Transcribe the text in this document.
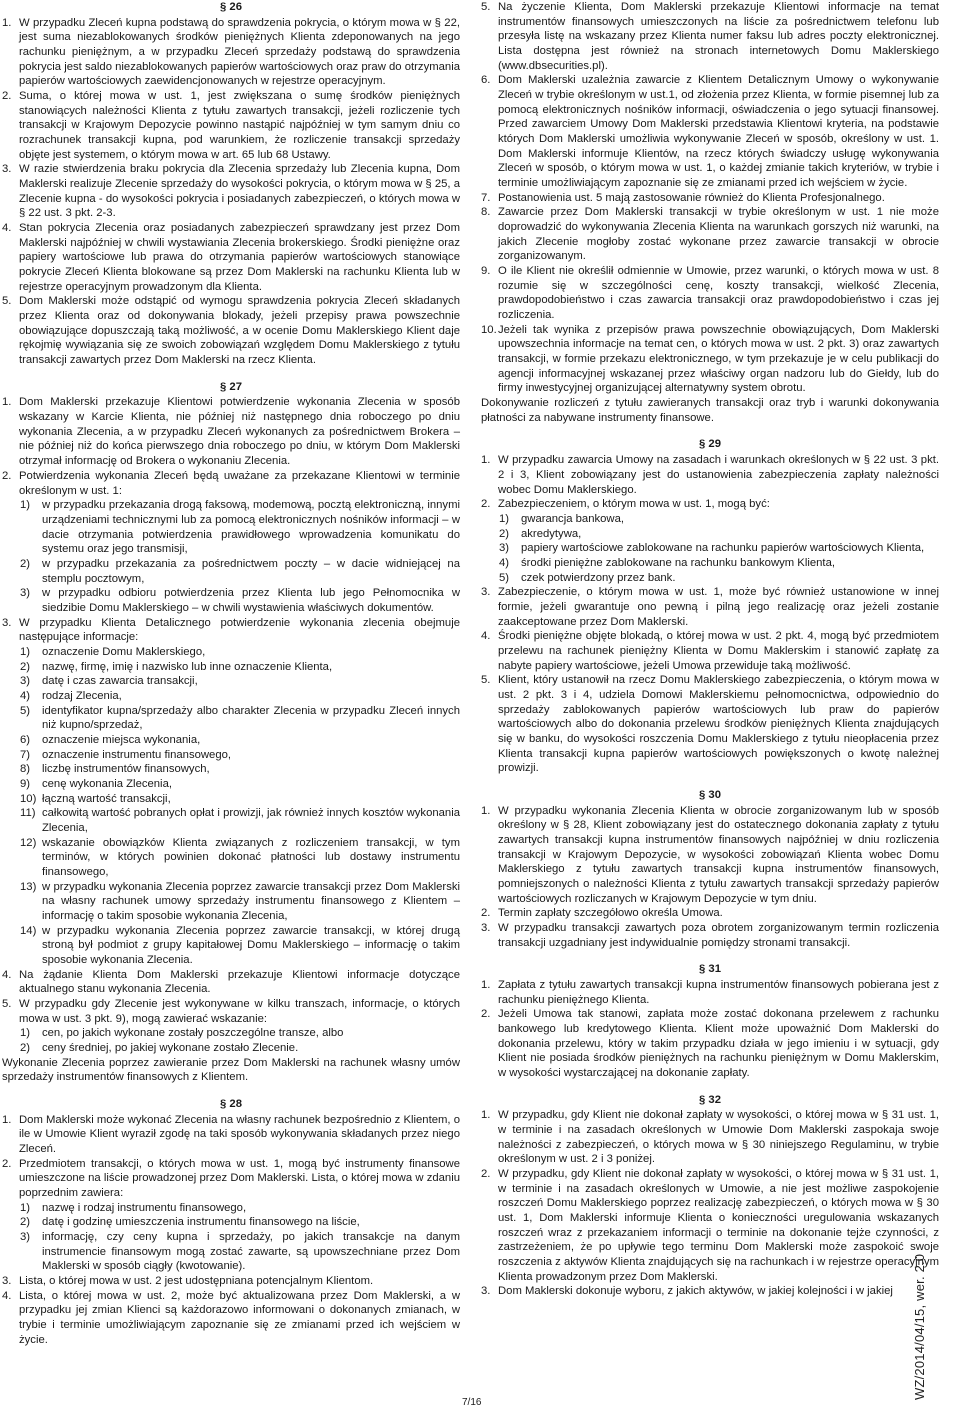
§ 26
1. W przypadku Zleceń kupna podstawą do sprawdzenia pokrycia, o którym mowa w § 22, jest suma niezablokowanych środków pieniężnych Klienta zdeponowanych na jego rachunku pieniężnym, a w przypadku Zleceń sprzedaży podstawą do sprawdzenia pokrycia jest saldo niezablokowanych papierów wartościowych oraz praw do otrzymania papierów wartościowych zaewidencjonowanych w rejestrze operacyjnym.
2. Suma, o której mowa w ust. 1, jest zwiększana o sumę środków pieniężnych stanowiących należności Klienta z tytułu zawartych transakcji, jeżeli rozliczenie tych transakcji w Krajowym Depozycie powinno nastąpić najpóźniej w tym samym dniu co rozrachunek transakcji kupna, pod warunkiem, że rozliczenie transakcji sprzedaży objęte jest systemem, o którym mowa w art. 65 lub 68 Ustawy.
3. W razie stwierdzenia braku pokrycia dla Zlecenia sprzedaży lub Zlecenia kupna, Dom Maklerski realizuje Zlecenie sprzedaży do wysokości pokrycia, o którym mowa w § 25, a Zlecenie kupna - do wysokości pokrycia i posiadanych zabezpieczeń, o których mowa w § 22 ust. 3 pkt. 2-3.
4. Stan pokrycia Zlecenia oraz posiadanych zabezpieczeń sprawdzany jest przez Dom Maklerski najpóźniej w chwili wystawiania Zlecenia brokerskiego. Środki pieniężne oraz papiery wartościowe lub prawa do otrzymania papierów wartościowych stanowiące pokrycie Zleceń Klienta blokowane są przez Dom Maklerski na rachunku Klienta lub w rejestrze operacyjnym prowadzonym dla Klienta.
5. Dom Maklerski może odstąpić od wymogu sprawdzenia pokrycia Zleceń składanych przez Klienta oraz od dokonywania blokady, jeżeli przepisy prawa powszechnie obowiązujące dopuszczają taką możliwość, a w ocenie Domu Maklerskiego Klient daje rękojmię wywiązania się ze swoich zobowiązań względem Domu Maklerskiego z tytułu transakcji zawartych przez Dom Maklerski na rzecz Klienta.
§ 27
1. Dom Maklerski przekazuje Klientowi potwierdzenie wykonania Zlecenia w sposób wskazany w Karcie Klienta, nie później niż następnego dnia roboczego po dniu wykonania Zlecenia, a w przypadku Zleceń wykonanych za pośrednictwem Brokera – nie później niż do końca pierwszego dnia roboczego po dniu, w którym Dom Maklerski otrzymał informację od Brokera o wykonaniu Zlecenia.
2. Potwierdzenia wykonania Zleceń będą uważane za przekazane Klientowi w terminie określonym w ust. 1:
1)	w przypadku przekazania drogą faksową, modemową, pocztą elektroniczną, innymi urządzeniami technicznymi lub za pomocą elektronicznych nośników informacji – w dacie otrzymania potwierdzenia prawidłowego wprowadzenia komunikatu do systemu oraz jego transmisji,
2)	w przypadku przekazania za pośrednictwem poczty – w dacie widniejącej na stemplu pocztowym,
3)	w przypadku odbioru potwierdzenia przez Klienta lub jego Pełnomocnika w siedzibie Domu Maklerskiego – w chwili wystawienia właściwych dokumentów.
3. W przypadku Klienta Detalicznego potwierdzenie wykonania zlecenia obejmuje następujące informacje:
1)	oznaczenie Domu Maklerskiego,
2)	nazwę, firmę, imię i nazwisko lub inne oznaczenie Klienta,
3)	datę i czas zawarcia transakcji,
4)	rodzaj Zlecenia,
5)	identyfikator kupna/sprzedaży albo charakter Zlecenia w przypadku Zleceń innych niż kupno/sprzedaż,
6)	oznaczenie miejsca wykonania,
7)	oznaczenie instrumentu finansowego,
8)	liczbę instrumentów finansowych,
9)	cenę wykonania Zlecenia,
10) łączną wartość transakcji,
11) całkowitą wartość pobranych opłat i prowizji, jak również innych kosztów wykonania Zlecenia,
12) wskazanie obowiązków Klienta związanych z rozliczeniem transakcji, w tym terminów, w których powinien dokonać płatności lub dostawy instrumentu finansowego,
13) w przypadku wykonania Zlecenia poprzez zawarcie transakcji przez Dom Maklerski na własny rachunek umowy sprzedaży instrumentu finansowego z Klientem – informację o takim sposobie wykonania Zlecenia,
14) w przypadku wykonania Zlecenia poprzez zawarcie transakcji, w której drugą stroną był podmiot z grupy kapitałowej Domu Maklerskiego – informację o takim sposobie wykonania Zlecenia.
4. Na żądanie Klienta Dom Maklerski przekazuje Klientowi informacje dotyczące aktualnego stanu wykonania Zlecenia.
5. W przypadku gdy Zlecenie jest wykonywane w kilku transzach, informacje, o których mowa w ust. 3 pkt. 9), mogą zawierać wskazanie:
1)	cen, po jakich wykonane zostały poszczególne transze, albo
2)	ceny średniej, po jakiej wykonane zostało Zlecenie.
Wykonanie Zlecenia poprzez zawieranie przez Dom Maklerski na rachunek własny umów sprzedaży instrumentów finansowych z Klientem.
§ 28
1. Dom Maklerski może wykonać Zlecenia na własny rachunek bezpośrednio z Klientem, o ile w Umowie Klient wyraził zgodę na taki sposób wykonywania składanych przez niego Zleceń.
2. Przedmiotem transakcji, o których mowa w ust. 1, mogą być instrumenty finansowe umieszczone na liście prowadzonej przez Dom Maklerski. Lista, o której mowa w zdaniu poprzednim zawiera:
1)	nazwę i rodzaj instrumentu finansowego,
2)	datę i godzinę umieszczenia instrumentu finansowego na liście,
3)	informację, czy ceny kupna i sprzedaży, po jakich transakcje na danym instrumencie finansowym mogą zostać zawarte, są upowszechniane przez Dom Maklerski w sposób ciągły (kwotowanie).
3. Lista, o której mowa w ust. 2 jest udostępniana potencjalnym Klientom.
4. Lista, o której mowa w ust. 2, może być aktualizowana przez Dom Maklerski, a w przypadku jej zmian Klienci są każdorazowo informowani o dokonanych zmianach, w trybie i terminie umożliwiającym zapoznanie się ze zmianami przed ich wejściem w życie.
5. Na życzenie Klienta, Dom Maklerski przekazuje Klientowi informacje na temat instrumentów finansowych umieszczonych na liście za pośrednictwem telefonu lub przesyła listę na wskazany przez Klienta numer faksu lub adres poczty elektronicznej. Lista dostępna jest również na stronach internetowych Domu Maklerskiego (www.dbsecurities.pl).
6. Dom Maklerski uzależnia zawarcie z Klientem Detalicznym Umowy o wykonywanie Zleceń w trybie określonym w ust.1, od złożenia przez Klienta, w formie pisemnej lub za pomocą elektronicznych nośników informacji, oświadczenia o jego sytuacji finansowej. Przed zawarciem Umowy Dom Maklerski przedstawia Klientowi kryteria, na podstawie których Dom Maklerski umożliwia wykonywanie Zleceń w sposób, określony w ust. 1. Dom Maklerski informuje Klientów, na rzecz których świadczy usługę wykonywania Zleceń w sposób, o którym mowa w ust. 1, o każdej zmianie takich kryteriów, w trybie i terminie umożliwiającym zapoznanie się ze zmianami przed ich wejściem w życie.
7. Postanowienia ust. 5 mają zastosowanie również do Klienta Profesjonalnego.
8. Zawarcie przez Dom Maklerski transakcji w trybie określonym w ust. 1 nie może doprowadzić do wykonywania Zlecenia Klienta na warunkach gorszych niż warunki, na jakich Zlecenie mogłoby zostać wykonane przez zawarcie transakcji w obrocie zorganizowanym.
9. O ile Klient nie określił odmiennie w Umowie, przez warunki, o których mowa w ust. 8 rozumie się w szczególności cenę, koszty transakcji, wielkość Zlecenia, prawdopodobieństwo i czas zawarcia transakcji oraz prawdopodobieństwo i czas jej rozliczenia.
10. Jeżeli tak wynika z przepisów prawa powszechnie obowiązujących, Dom Maklerski upowszechnia informacje na temat cen, o których mowa w ust. 2 pkt. 3) oraz zawartych transakcji, w formie przekazu elektronicznego, w tym przekazuje je w celu publikacji do agencji informacyjnej wskazanej przez właściwy organ nadzoru lub do Giełdy, lub do firmy inwestycyjnej organizującej alternatywny system obrotu.
Dokonywanie rozliczeń z tytułu zawieranych transakcji oraz tryb i warunki dokonywania płatności za nabywane instrumenty finansowe.
§ 29
1. W przypadku zawarcia Umowy na zasadach i warunkach określonych w § 22 ust. 3 pkt. 2 i 3, Klient zobowiązany jest do ustanowienia zabezpieczenia zapłaty należności wobec Domu Maklerskiego.
2. Zabezpieczeniem, o którym mowa w ust. 1, mogą być:
1)	gwarancja bankowa,
2)	akredytywa,
3)	papiery wartościowe zablokowane na rachunku papierów wartościowych Klienta,
4)	środki pieniężne zablokowane na rachunku bankowym Klienta,
5)	czek potwierdzony przez bank.
3. Zabezpieczenie, o którym mowa w ust. 1, może być również ustanowione w innej formie, jeżeli gwarantuje ono pewną i pilną jego realizację oraz jeżeli zostanie zaakceptowane przez Dom Maklerski.
4. Środki pieniężne objęte blokadą, o której mowa w ust. 2 pkt. 4, mogą być przedmiotem przelewu na rachunek pieniężny Klienta w Domu Maklerskim i stanowić zapłatę za nabyte papiery wartościowe, jeżeli Umowa przewiduje taką możliwość.
5. Klient, który ustanowił na rzecz Domu Maklerskiego zabezpieczenia, o którym mowa w ust. 2 pkt. 3 i 4, udziela Domowi Maklerskiemu pełnomocnictwa, odpowiednio do sprzedaży zablokowanych papierów wartościowych lub praw do papierów wartościowych albo do dokonania przelewu środków pieniężnych Klienta znajdujących się w banku, do wysokości roszczenia Domu Maklerskiego z tytułu nieopłacenia przez Klienta transakcji kupna papierów wartościowych powiększonych o kwotę należnej prowizji.
§ 30
1. W przypadku wykonania Zlecenia Klienta w obrocie zorganizowanym lub w sposób określony w § 28, Klient zobowiązany jest do ostatecznego dokonania zapłaty z tytułu zawartych transakcji kupna instrumentów finansowych najpóźniej w dniu rozliczenia transakcji w Krajowym Depozycie, w wysokości zobowiązań Klienta wobec Domu Maklerskiego z tytułu zawartych transakcji kupna instrumentów finansowych, pomniejszonych o należności Klienta z tytułu zawartych transakcji sprzedaży papierów wartościowych rozliczanych w Krajowym Depozycie w tym dniu.
2. Termin zapłaty szczegółowo określa Umowa.
3. W przypadku transakcji zawartych poza obrotem zorganizowanym termin rozliczenia transakcji uzgadniany jest indywidualnie pomiędzy stronami transakcji.
§ 31
1. Zapłata z tytułu zawartych transakcji kupna instrumentów finansowych pobierana jest z rachunku pieniężnego Klienta.
2. Jeżeli Umowa tak stanowi, zapłata może zostać dokonana przelewem z rachunku bankowego lub kredytowego Klienta. Klient może upoważnić Dom Maklerski do dokonania przelewu, który w takim przypadku działa w jego imieniu i w sytuacji, gdy Klient nie posiada środków pieniężnych na rachunku pieniężnym w Domu Maklerskim, w wysokości wystarczającej na dokonanie zapłaty.
§ 32
1. W przypadku, gdy Klient nie dokonał zapłaty w wysokości, o której mowa w § 31 ust. 1, w terminie i na zasadach określonych w Umowie Dom Maklerski zaspokaja swoje należności z zabezpieczeń, o których mowa w § 30 niniejszego Regulaminu, w trybie określonym w ust. 2 i 3 poniżej.
2. W przypadku, gdy Klient nie dokonał zapłaty w wysokości, o której mowa w § 31 ust. 1, w terminie i na zasadach określonych w Umowie, a nie jest możliwe zaspokojenie roszczeń Domu Maklerskiego poprzez realizację zabezpieczeń, o których mowa w § 30 ust. 1, Dom Maklerski informuje Klienta o konieczności uregulowania wskazanych roszczeń wraz z przekazaniem informacji o terminie na dokonanie tejże czynności, z zastrzeżeniem, że po upływie tego terminu Dom Maklerski może zaspokoić swoje roszczenia z aktywów Klienta znajdujących się na rachunkach i w rejestrze operacyjnym Klienta prowadzonym przez Dom Maklerski.
3. Dom Maklerski dokonuje wyboru, z jakich aktywów, w jakiej kolejności i w jakiej
7/16
WZ/2014/04/15, wer. 2.0
